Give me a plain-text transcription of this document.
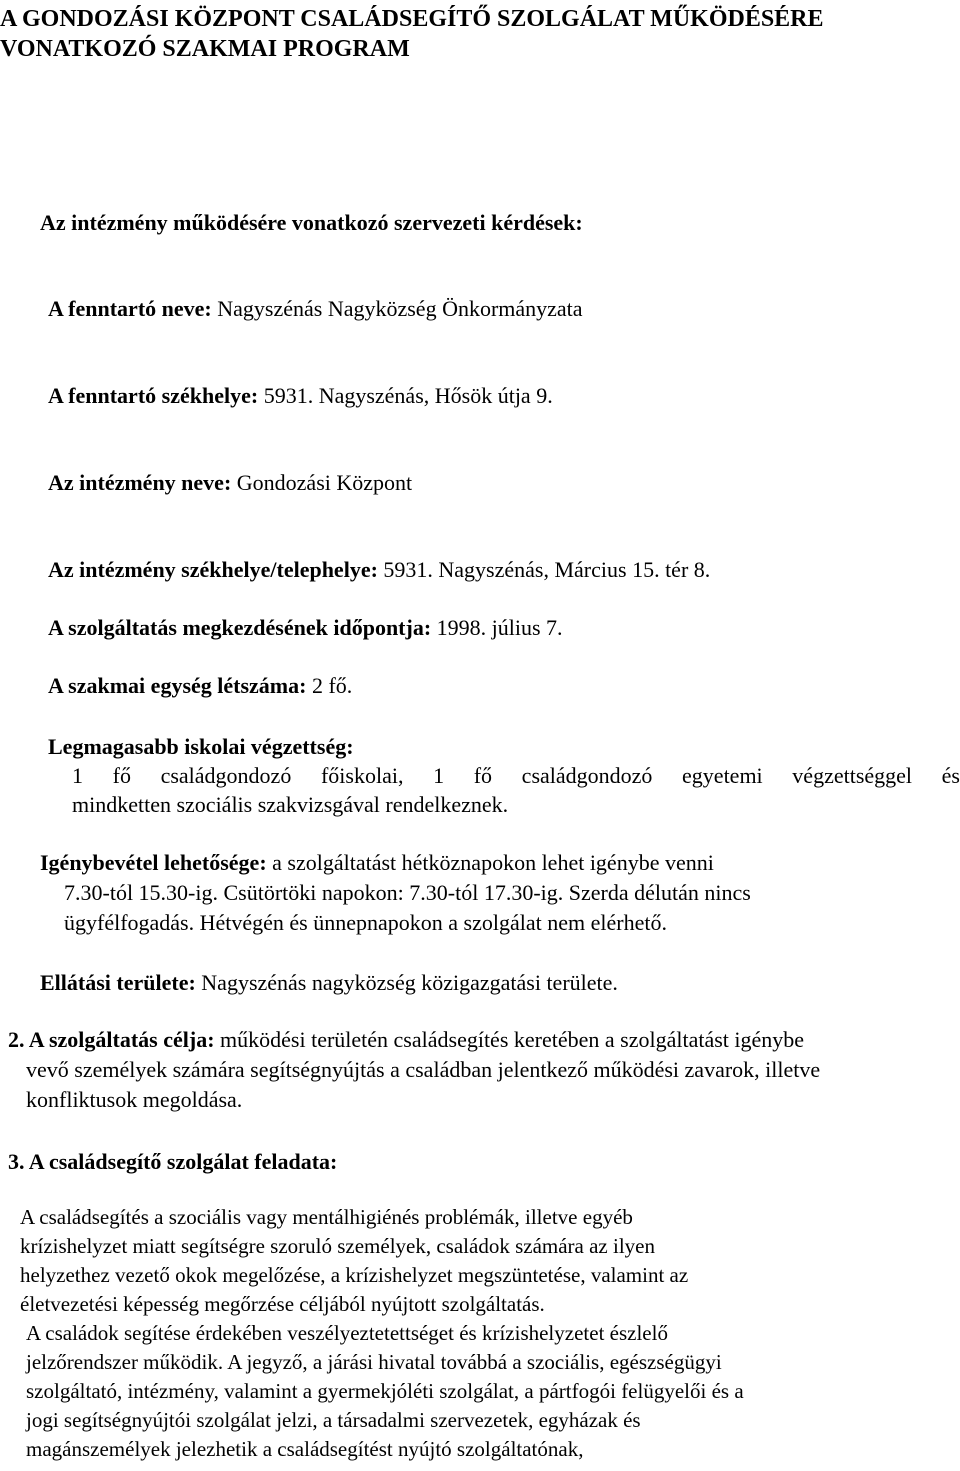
A GONDOZÁSI KÖZPONT CSALÁDSEGÍTŐ SZOLGÁLAT MŰKÖDÉSÉRE
VONATKOZÓ SZAKMAI PROGRAM
Az intézmény működésére vonatkozó szervezeti kérdések:
A fenntartó neve: Nagyszénás Nagyközség Önkormányzata
A fenntartó székhelye: 5931. Nagyszénás, Hősök útja 9.
Az intézmény neve: Gondozási Központ
Az intézmény székhelye/telephelye: 5931. Nagyszénás, Március 15. tér 8.
A szolgáltatás megkezdésének időpontja: 1998. július 7.
A szakmai egység létszáma: 2 fő.
Legmagasabb iskolai végzettség:
1 fő családgondozó főiskolai, 1 fő családgondozó egyetemi végzettséggel és
mindketten szociális szakvizsgával rendelkeznek.
Igénybevétel lehetősége: a szolgáltatást hétköznapokon lehet igénybe venni
7.30-tól 15.30-ig. Csütörtöki napokon: 7.30-tól 17.30-ig. Szerda délután nincs
ügyfélfogadás. Hétvégén és ünnepnapokon a szolgálat nem elérhető.
Ellátási területe: Nagyszénás nagyközség közigazgatási területe.
2. A szolgáltatás célja: működési területén családsegítés keretében a szolgáltatást igénybe
vevő személyek számára segítségnyújtás a családban jelentkező működési zavarok, illetve
konfliktusok megoldása.
3. A családsegítő szolgálat feladata:
A családsegítés a szociális vagy mentálhigiénés problémák, illetve egyéb
krízishelyzet miatt segítségre szoruló személyek, családok számára az ilyen
helyzethez vezető okok megelőzése, a krízishelyzet megszüntetése, valamint az
életvezetési képesség megőrzése céljából nyújtott szolgáltatás.
A családok segítése érdekében veszélyeztetettséget és krízishelyzetet észlelő
jelzőrendszer működik. A jegyző, a járási hivatal továbbá a szociális, egészségügyi
szolgáltató, intézmény, valamint a gyermekjóléti szolgálat, a pártfogói felügyelői és a
jogi segítségnyújtói szolgálat jelzi, a társadalmi szervezetek, egyházak és
magánszemélyek jelezhetik a családsegítést nyújtó szolgáltatónak,
